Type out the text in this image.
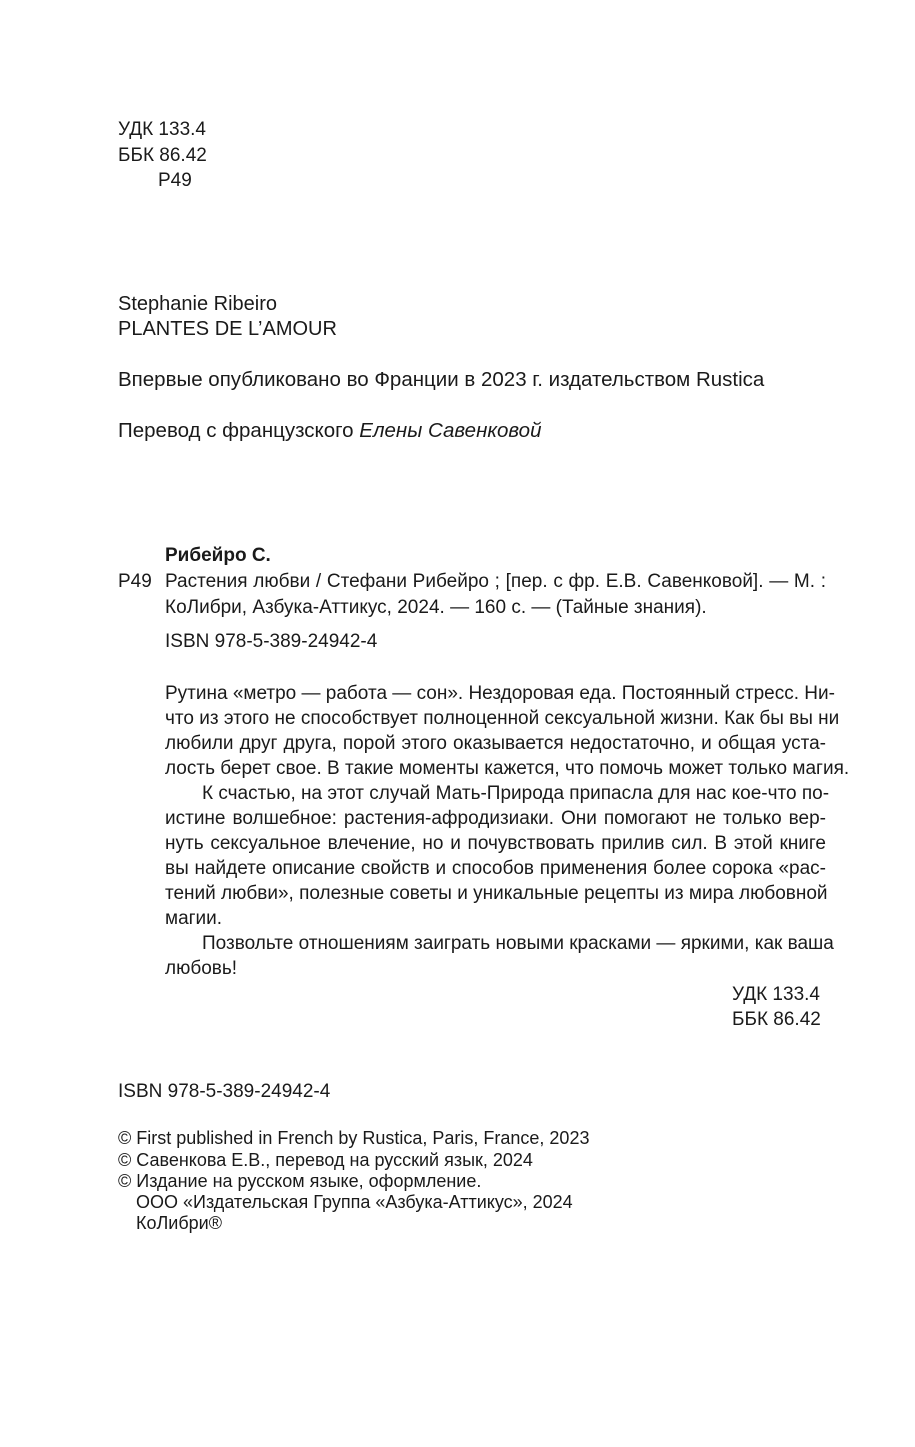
УДК 133.4
ББК 86.42
Р49
Stephanie Ribeiro
PLANTES DE L’AMOUR
Впервые опубликовано во Франции в 2023 г. издательством Rustica
Перевод с французского Елены Савенковой
Рибейро С.
Р49 Растения любви / Стефани Рибейро ; [пер. с фр. Е.В. Савенковой]. — М. :
КоЛибри, Азбука-Аттикус, 2024. — 160 с. — (Тайные знания).
ISBN 978-5-389-24942-4
Рутина «метро — работа — сон». Нездоровая еда. Постоянный стресс. Ни-
что из этого не способствует полноценной сексуальной жизни. Как бы вы ни
любили друг друга, порой этого оказывается недостаточно, и общая уста-
лость берет свое. В такие моменты кажется, что помочь может только магия.
К счастью, на этот случай Мать-Природа припасла для нас кое-что по-
истине волшебное: растения-афродизиаки. Они помогают не только вер-
нуть сексуальное влечение, но и почувствовать прилив сил. В этой книге
вы найдете описание свойств и способов применения более сорока «рас-
тений любви», полезные советы и уникальные рецепты из мира любовной
магии.
Позвольте отношениям заиграть новыми красками — яркими, как ваша
любовь!
УДК 133.4
ББК 86.42
ISBN 978-5-389-24942-4
© First published in French by Rustica, Paris, France, 2023
© Савенкова Е.В., перевод на русский язык, 2024
© Издание на русском языке, оформление.
ООО «Издательская Группа «Азбука-Аттикус», 2024
КоЛибри®
